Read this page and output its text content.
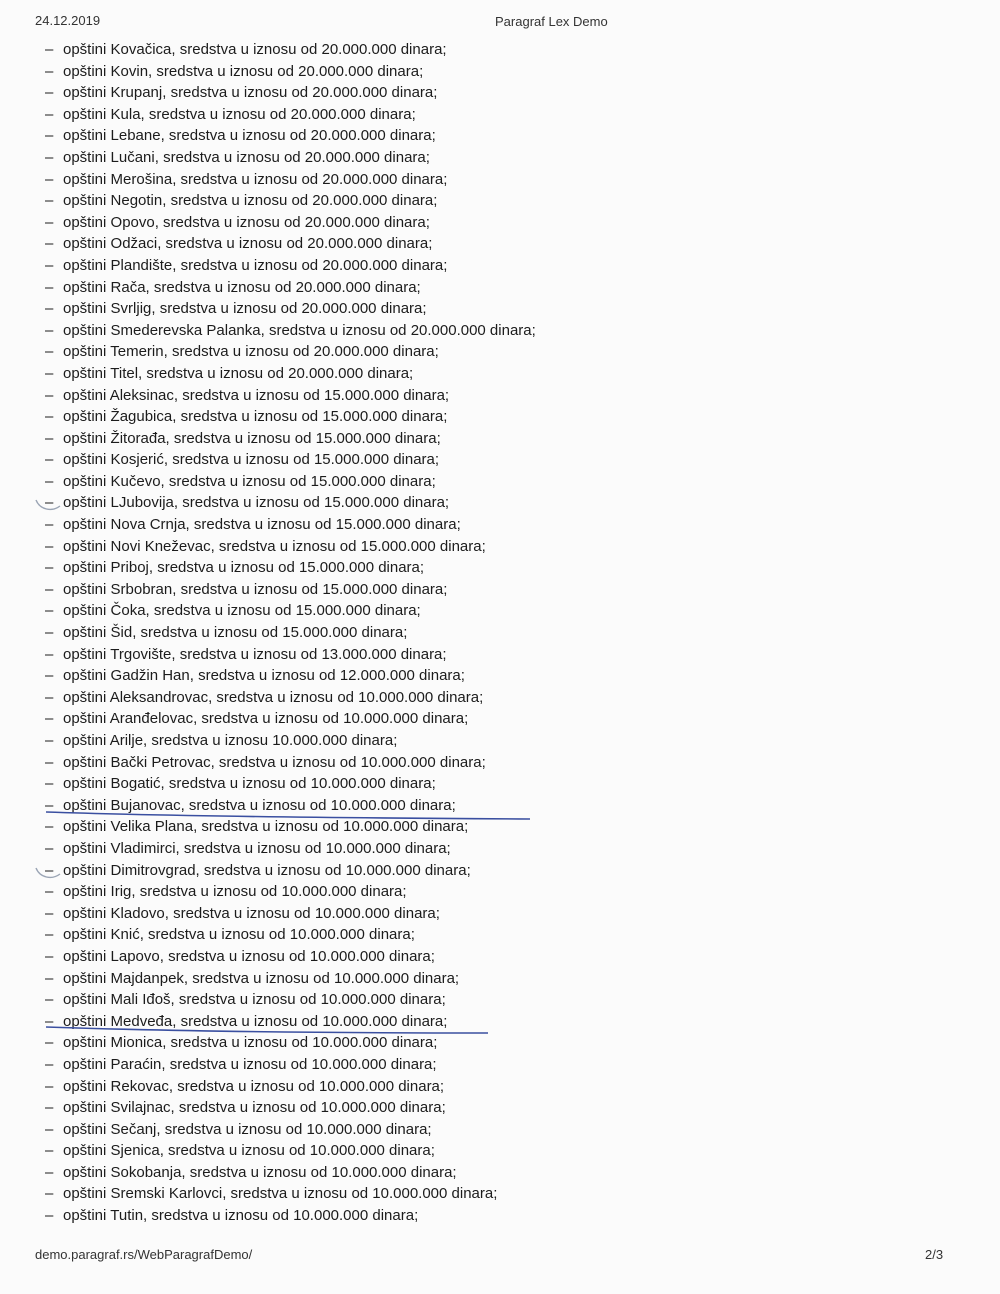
24.12.2019	Paragraf Lex Demo
– opštini Kovačica, sredstva u iznosu od 20.000.000 dinara;
– opštini Kovin, sredstva u iznosu od 20.000.000 dinara;
– opštini Krupanj, sredstva u iznosu od 20.000.000 dinara;
– opštini Kula, sredstva u iznosu od 20.000.000 dinara;
– opštini Lebane, sredstva u iznosu od 20.000.000 dinara;
– opštini Lučani, sredstva u iznosu od 20.000.000 dinara;
– opštini Merošina, sredstva u iznosu od 20.000.000 dinara;
– opštini Negotin, sredstva u iznosu od 20.000.000 dinara;
– opštini Opovo, sredstva u iznosu od 20.000.000 dinara;
– opštini Odžaci, sredstva u iznosu od 20.000.000 dinara;
– opštini Plandište, sredstva u iznosu od 20.000.000 dinara;
– opštini Rača, sredstva u iznosu od 20.000.000 dinara;
– opštini Svrljig, sredstva u iznosu od 20.000.000 dinara;
– opštini Smederevska Palanka, sredstva u iznosu od 20.000.000 dinara;
– opštini Temerin, sredstva u iznosu od 20.000.000 dinara;
– opštini Titel, sredstva u iznosu od 20.000.000 dinara;
– opštini Aleksinac, sredstva u iznosu od 15.000.000 dinara;
– opštini Žagubica, sredstva u iznosu od 15.000.000 dinara;
– opštini Žitorađa, sredstva u iznosu od 15.000.000 dinara;
– opštini Kosjerić, sredstva u iznosu od 15.000.000 dinara;
– opštini Kučevo, sredstva u iznosu od 15.000.000 dinara;
– opštini LJubovija, sredstva u iznosu od 15.000.000 dinara;
– opštini Nova Crnja, sredstva u iznosu od 15.000.000 dinara;
– opštini Novi Kneževac, sredstva u iznosu od 15.000.000 dinara;
– opštini Priboj, sredstva u iznosu od 15.000.000 dinara;
– opštini Srbobran, sredstva u iznosu od 15.000.000 dinara;
– opštini Čoka, sredstva u iznosu od 15.000.000 dinara;
– opštini Šid, sredstva u iznosu od 15.000.000 dinara;
– opštini Trgovište, sredstva u iznosu od 13.000.000 dinara;
– opštini Gadžin Han, sredstva u iznosu od 12.000.000 dinara;
– opštini Aleksandrovac, sredstva u iznosu od 10.000.000 dinara;
– opštini Aranđelovac, sredstva u iznosu od 10.000.000 dinara;
– opštini Arilje, sredstva u iznosu 10.000.000 dinara;
– opštini Bački Petrovac, sredstva u iznosu od 10.000.000 dinara;
– opštini Bogatić, sredstva u iznosu od 10.000.000 dinara;
– opštini Bujanovac, sredstva u iznosu od 10.000.000 dinara;
– opštini Velika Plana, sredstva u iznosu od 10.000.000 dinara;
– opštini Vladimirci, sredstva u iznosu od 10.000.000 dinara;
– opštini Dimitrovgrad, sredstva u iznosu od 10.000.000 dinara;
– opštini Irig, sredstva u iznosu od 10.000.000 dinara;
– opštini Kladovo, sredstva u iznosu od 10.000.000 dinara;
– opštini Knić, sredstva u iznosu od 10.000.000 dinara;
– opštini Lapovo, sredstva u iznosu od 10.000.000 dinara;
– opštini Majdanpek, sredstva u iznosu od 10.000.000 dinara;
– opštini Mali Iđoš, sredstva u iznosu od 10.000.000 dinara;
– opštini Medveđa, sredstva u iznosu od 10.000.000 dinara;
– opštini Mionica, sredstva u iznosu od 10.000.000 dinara;
– opštini Paraćin, sredstva u iznosu od 10.000.000 dinara;
– opštini Rekovac, sredstva u iznosu od 10.000.000 dinara;
– opštini Svilajnac, sredstva u iznosu od 10.000.000 dinara;
– opštini Sečanj, sredstva u iznosu od 10.000.000 dinara;
– opštini Sjenica, sredstva u iznosu od 10.000.000 dinara;
– opštini Sokobanja, sredstva u iznosu od 10.000.000 dinara;
– opštini Sremski Karlovci, sredstva u iznosu od 10.000.000 dinara;
– opštini Tutin, sredstva u iznosu od 10.000.000 dinara;
demo.paragraf.rs/WebParagrafDemo/	2/3
